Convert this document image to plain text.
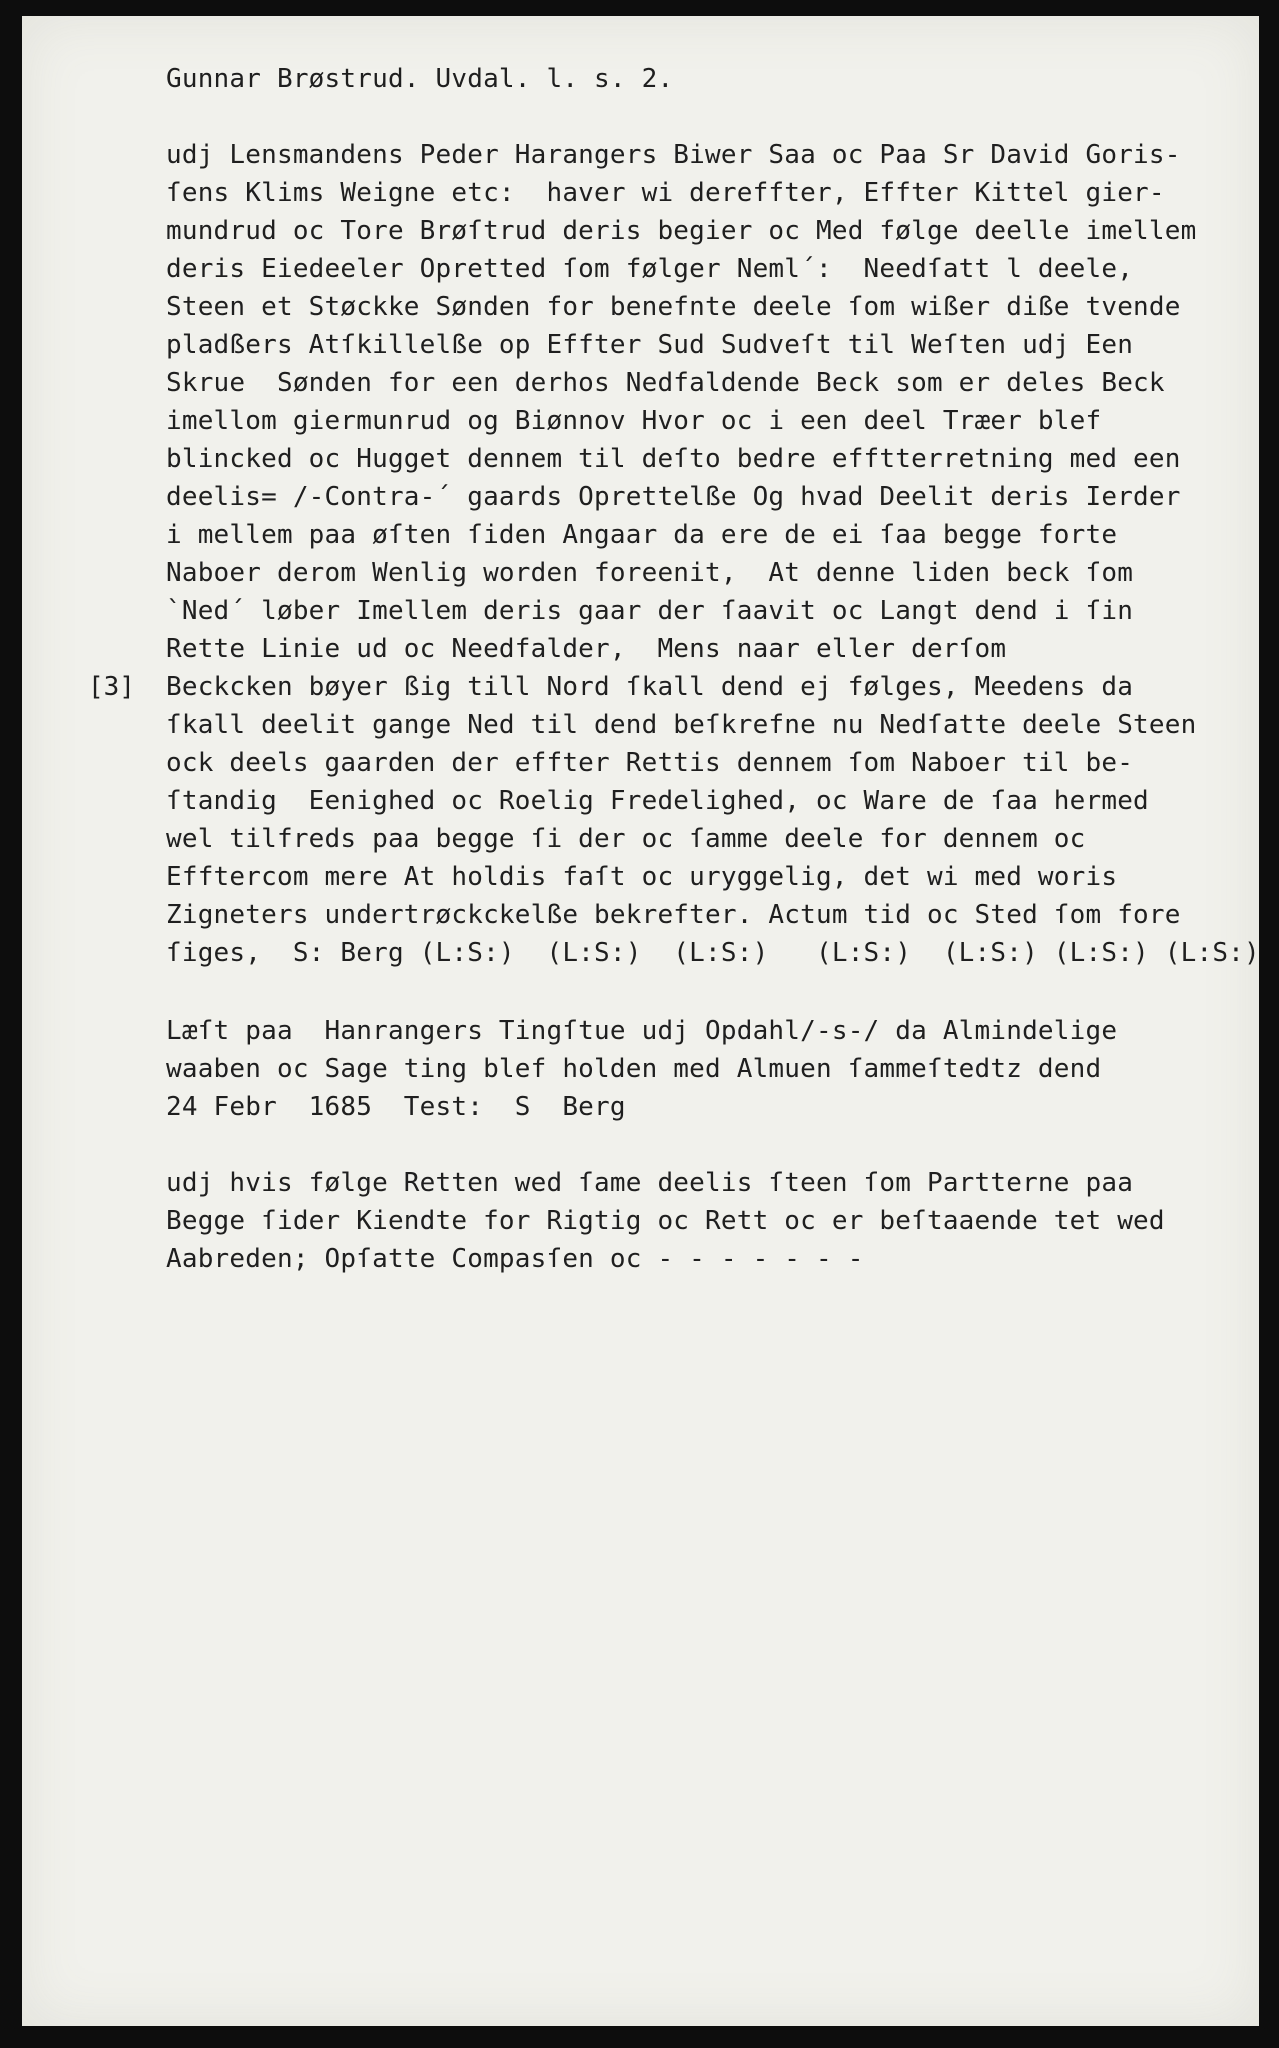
Gunnar Brøstrud. Uvdal. l. s. 2.
udj Lensmandens Peder Harangers Biwer Saa oc Paa Sr David Goris-
ſens Klims Weigne etc:  haver wi dereffter, Effter Kittel gier-
mundrud oc Tore Brøſtrud deris begier oc Med følge deelle imellem
deris Eiedeeler Opretted ſom følger Neml´:  Needſatt l deele,
Steen et Støckke Sønden for benefnte deele ſom wißer diße tvende
pladßers Atſkillelße op Effter Sud Sudveſt til Weſten udj Een
Skrue  Sønden for een derhos Nedfaldende Beck som er deles Beck
imellom giermunrud og Biønnov Hvor oc i een deel Træer blef
blincked oc Hugget dennem til deſto bedre efftterretning med een
deelis= /-Contra-´ gaards Oprettelße Og hvad Deelit deris Ierder
i mellem paa øſten ſiden Angaar da ere de ei ſaa begge forte
Naboer derom Wenlig worden foreenit,  At denne liden beck ſom
`Ned´ løber Imellem deris gaar der ſaavit oc Langt dend i ſin
Rette Linie ud oc Needfalder,  Mens naar eller derſom
[3] Beckcken bøyer ßig till Nord ſkall dend ej følges, Meedens da
ſkall deelit gange Ned til dend beſkrefne nu Nedſatte deele Steen
ock deels gaarden der effter Rettis dennem ſom Naboer til be-
ſtandig  Eenighed oc Roelig Fredelighed, oc Ware de ſaa hermed
wel tilfreds paa begge ſi der oc ſamme deele for dennem oc
Efftercom mere At holdis faſt oc uryggelig, det wi med woris
Zigneters undertrøckckelße bekrefter. Actum tid oc Sted ſom fore
ſiges,  S: Berg (L:S:)  (L:S:)  (L:S:)   (L:S:)  (L:S:) (L:S:) (L:S:)
Læſt paa  Hanrangers Tingſtue udj Opdahl/-s-/ da Almindelige
waaben oc Sage ting blef holden med Almuen ſammeſtedtz dend
24 Febr  1685  Test:  S  Berg
udj hvis følge Retten wed ſame deelis ſteen ſom Partterne paa
Begge ſider Kiendte for Rigtig oc Rett oc er beſtaaende tet wed
Aabreden; Opſatte Compasſen oc - - - - - - -
